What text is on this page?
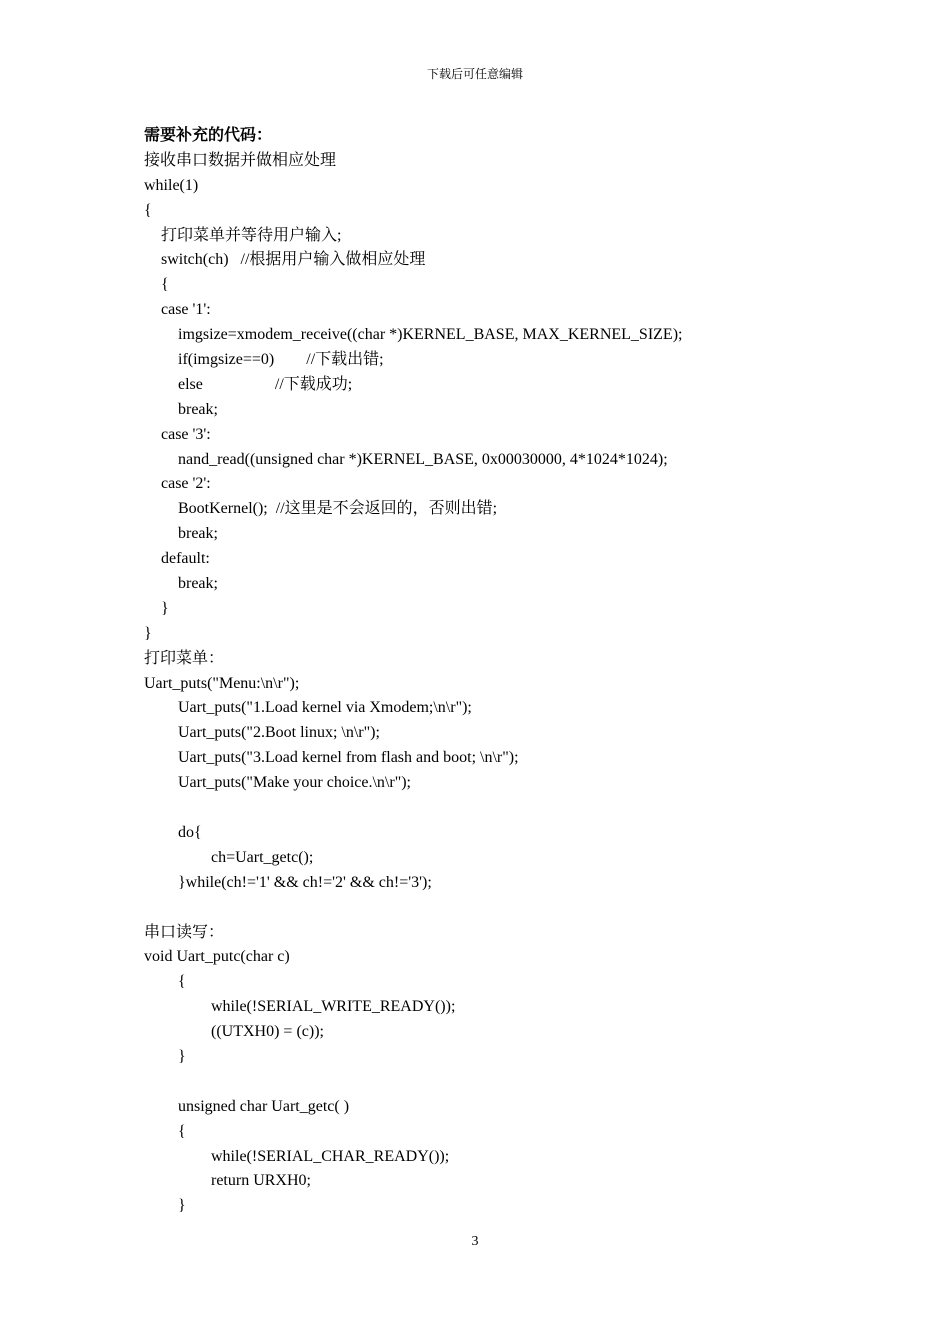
下载后可任意编辑
需要补充的代码：
接收串口数据并做相应处理
while(1)
{
打印菜单并等待用户输入;
switch(ch)   //根据用户输入做相应处理
{
case '1':
imgsize=xmodem_receive((char *)KERNEL_BASE, MAX_KERNEL_SIZE);
if(imgsize==0)        //下载出错;
else                  //下载成功;
break;
case '3':
nand_read((unsigned char *)KERNEL_BASE, 0x00030000, 4*1024*1024);
case '2':
BootKernel();  //这里是不会返回的，否则出错;
break;
default:
break;
}
}
打印菜单：
Uart_puts("Menu:\n\r");
Uart_puts("1.Load kernel via Xmodem;\n\r");
Uart_puts("2.Boot linux; \n\r");
Uart_puts("3.Load kernel from flash and boot; \n\r");
Uart_puts("Make your choice.\n\r");
do{
ch=Uart_getc();
}while(ch!='1' && ch!='2' && ch!='3');
串口读写：
void Uart_putc(char c)
{
while(!SERIAL_WRITE_READY());
((UTXH0) = (c));
}
unsigned char Uart_getc( )
{
while(!SERIAL_CHAR_READY());
return URXH0;
}
3
